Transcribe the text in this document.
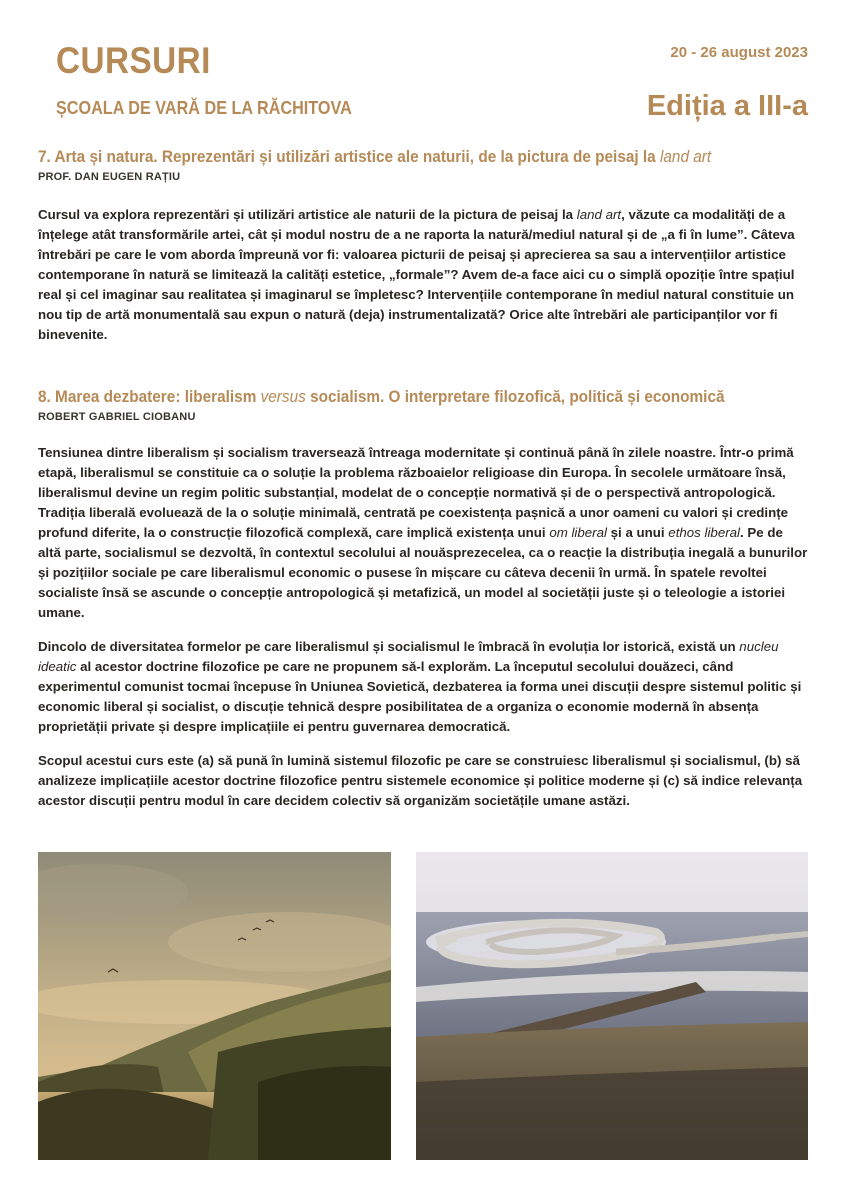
CURSURI
ȘCOALA DE VARĂ DE LA RĂCHITOVA
20 - 26 august 2023
Ediția a III-a
7. Arta și natura. Reprezentări și utilizări artistice ale naturii, de la pictura de peisaj la land art
PROF. DAN EUGEN RAȚIU

Cursul va explora reprezentări și utilizări artistice ale naturii de la pictura de peisaj la land art, văzute ca modalități de a înțelege atât transformările artei, cât și modul nostru de a ne raporta la natură/mediul natural și de „a fi în lume”. Câteva întrebări pe care le vom aborda împreună vor fi: valoarea picturii de peisaj și aprecierea sa sau a intervențiilor artistice contemporane în natură se limitează la calități estetice, „formale”? Avem de-a face aici cu o simplă opoziție între spațiul real și cel imaginar sau realitatea și imaginarul se împletesc? Intervențiile contemporane în mediul natural constituie un nou tip de artă monumentală sau expun o natură (deja) instrumentalizată? Orice alte întrebări ale participanților vor fi binevenite.

8. Marea dezbatere: liberalism versus socialism. O interpretare filozofică, politică și economică
ROBERT GABRIEL CIOBANU

Tensiunea dintre liberalism și socialism traversează întreaga modernitate și continuă până în zilele noastre. Într-o primă etapă, liberalismul se constituie ca o soluție la problema războaielor religioase din Europa. În secolele următoare însă, liberalismul devine un regim politic substanțial, modelat de o concepție normativă și de o perspectivă antropologică. Tradiția liberală evoluează de la o soluție minimală, centrată pe coexistența pașnică a unor oameni cu valori și credințe profund diferite, la o construcție filozofică complexă, care implică existența unui om liberal și a unui ethos liberal. Pe de altă parte, socialismul se dezvoltă, în contextul secolului al nouăsprezecelea, ca o reacție la distribuția inegală a bunurilor și pozițiilor sociale pe care liberalismul economic o pusese în mișcare cu câteva decenii în urmă. În spatele revoltei socialiste însă se ascunde o concepție antropologică și metafizică, un model al societății juste și o teleologie a istoriei umane.

Dincolo de diversitatea formelor pe care liberalismul și socialismul le îmbracă în evoluția lor istorică, există un nucleu ideatic al acestor doctrine filozofice pe care ne propunem să-l explorăm. La începutul secolului douăzeci, când experimentul comunist tocmai începuse în Uniunea Sovietică, dezbaterea ia forma unei discuții despre sistemul politic și economic liberal și socialist, o discuție tehnică despre posibilitatea de a organiza o economie modernă în absența proprietății private și despre implicațiile ei pentru guvernarea democratică.

Scopul acestui curs este (a) să pună în lumină sistemul filozofic pe care se construiesc liberalismul și socialismul, (b) să analizeze implicațiile acestor doctrine filozofice pentru sistemele economice și politice moderne și (c) să indice relevanța acestor discuții pentru modul în care decidem colectiv să organizăm societățile umane astăzi.
